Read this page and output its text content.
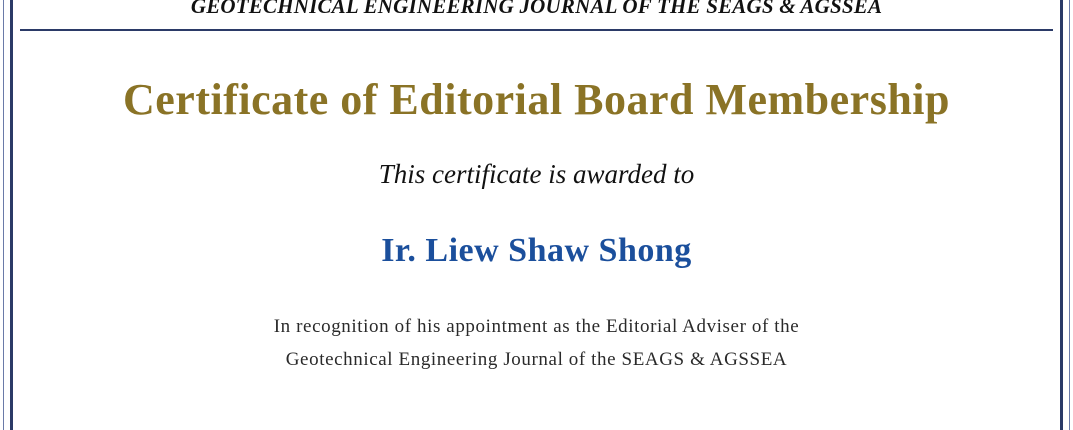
GEOTECHNICAL ENGINEERING JOURNAL OF THE SEAGS & AGSSEA
Certificate of Editorial Board Membership
This certificate is awarded to
Ir. Liew Shaw Shong
In recognition of his appointment as the Editorial Adviser of the
Geotechnical Engineering Journal of the SEAGS & AGSSEA
